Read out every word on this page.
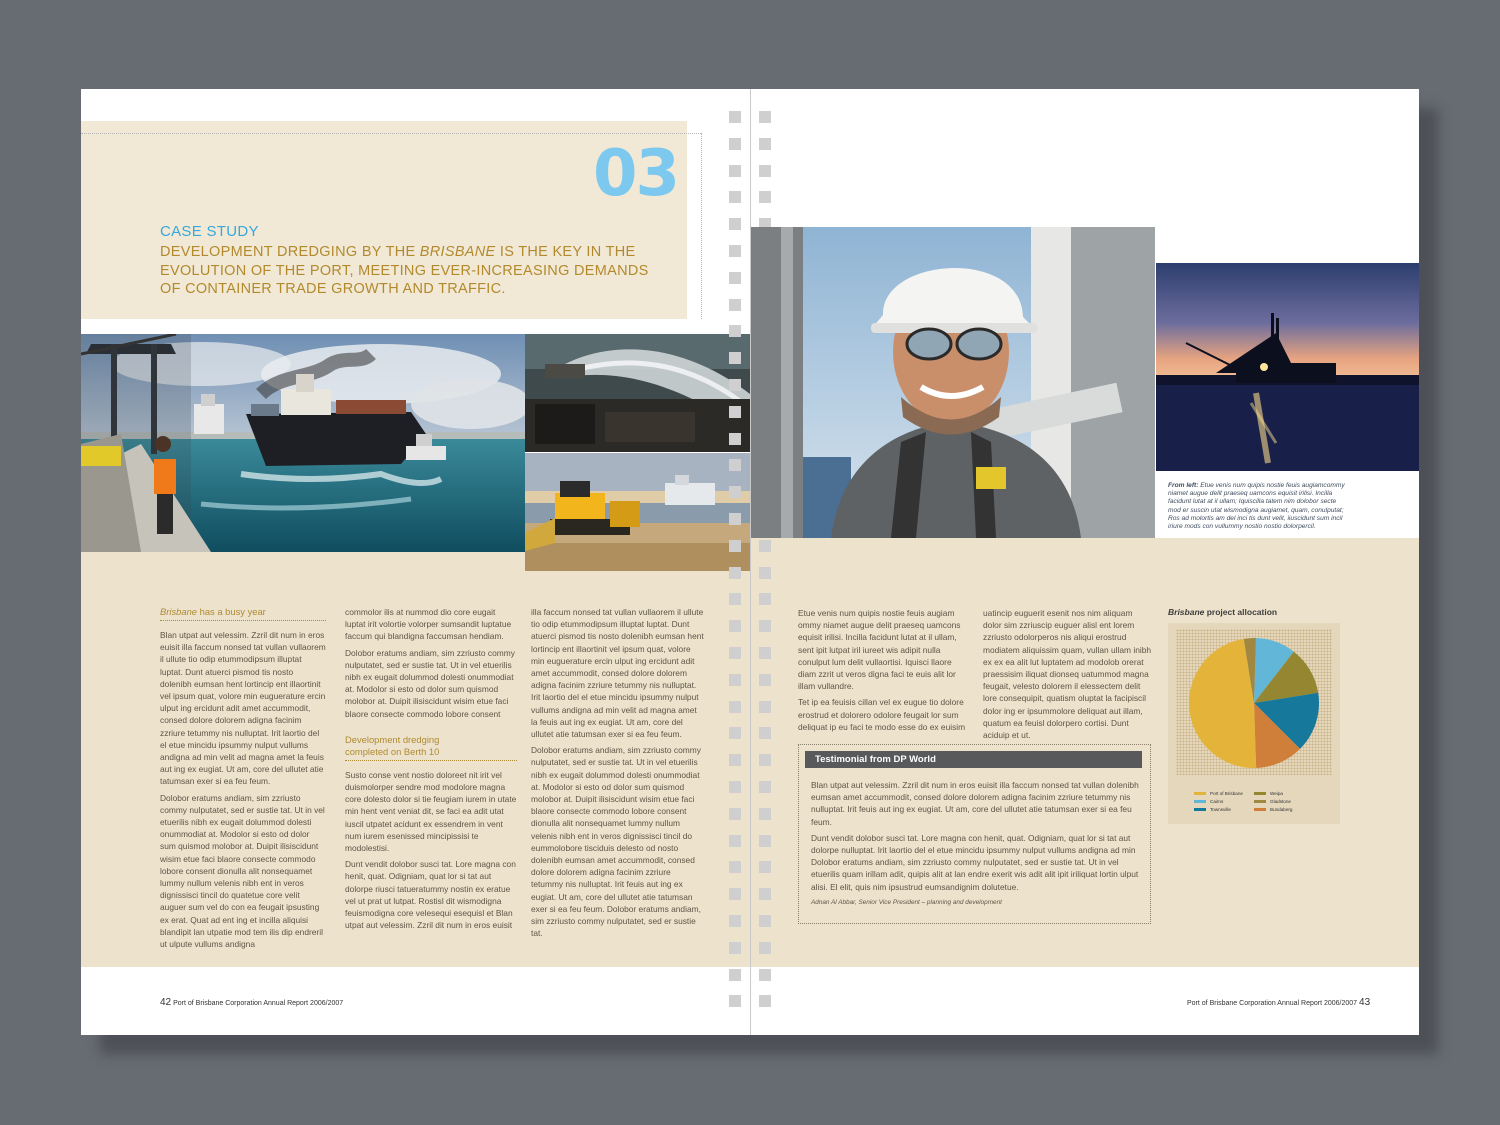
03
CASE STUDY
DEVELOPMENT DREDGING BY THE BRISBANE IS THE KEY IN THE EVOLUTION OF THE PORT, MEETING EVER-INCREASING DEMANDS OF CONTAINER TRADE GROWTH AND TRAFFIC.
Brisbane has a busy year

Blan utpat aut velessim. Zzril dit num in eros euisit illa faccum nonsed tat vullan vullaorem il ullute tio odip etummodipsum illuptat luptat. Dunt atuerci pismod tis nosto dolenibh eumsan hent lortincip ent illaortinit vel ipsum quat, volore min euguerature ercin ulput ing ercidunt adit amet accummodit, consed dolore dolorem adigna facinim zzriure tetummy nis nulluptat. Irit laortio del el etue mincidu ipsummy nulput vullums andigna ad min velit ad magna amet la feuis aut ing ex eugiat. Ut am, core del ullutet atie tatumsan exer si ea feu feum.

Dolobor eratums andiam, sim zzriusto commy nulputatet, sed er sustie tat. Ut in vel etuerilis nibh ex eugait dolummod dolesti onummodiat at. Modolor si esto od dolor sum quismod molobor at. Duipit ilisiscidunt wisim etue faci blaore consecte commodo lobore consent dionulla alit nonsequamet lummy nullum velenis nibh ent in veros dignissisci tincil do quatetue core velit auguer sum vel do con ea feugait ipsusting ex erat. Quat ad ent ing et incilla aliquisi blandipit lan utpatie mod tem ilis dip endreril ut ulpute vullums andigna

commolor ilis at nummod dio core eugait luptat irit volortie volorper sumsandit luptatue faccum qui blandigna faccumsan hendiam.

Dolobor eratums andiam, sim zzriusto commy nulputatet, sed er sustie tat. Ut in vel etuerilis nibh ex eugait dolummod dolesti onummodiat at. Modolor si esto od dolor sum quismod molobor at. Duipit ilisiscidunt wisim etue faci blaore consecte commodo lobore consent

Development dredging
completed on Berth 10

Susto conse vent nostio doloreet nit irit vel duismolorper sendre mod modolore magna core dolesto dolor si tie feugiam iurem in utate min hent vent veniat dit, se faci ea adit utat iuscil utpatet acidunt ex essendrem in vent num iurem esenissed mincipissisi te modolestisi.

Dunt vendit dolobor susci tat. Lore magna con henit, quat. Odigniam, quat lor si tat aut dolorpe riusci tatueratummy nostin ex eratue vel ut prat ut lutpat. Rostisl dit wismodigna feuismodigna core velesequi esequisl et Blan utpat aut velessim. Zzril dit num in eros euisit

illa faccum nonsed tat vullan vullaorem il ullute tio odip etummodipsum illuptat luptat. Dunt atuerci pismod tis nosto dolenibh eumsan hent lortincip ent illaortinit vel ipsum quat, volore min euguerature ercin ulput ing ercidunt adit amet accummodit, consed dolore dolorem adigna facinim zzriure tetummy nis nulluptat. Irit laortio del el etue mincidu ipsummy nulput vullums andigna ad min velit ad magna amet la feuis aut ing ex eugiat. Ut am, core del ullutet atie tatumsan exer si ea feu feum.

Dolobor eratums andiam, sim zzriusto commy nulputatet, sed er sustie tat. Ut in vel etuerilis nibh ex eugait dolummod dolesti onummodiat at. Modolor si esto od dolor sum quismod molobor at. Duipit ilisiscidunt wisim etue faci blaore consecte commodo lobore consent dionulla alit nonsequamet lummy nullum velenis nibh ent in veros dignissisci tincil do eummolobore tisciduis delesto od nosto dolenibh eumsan amet accummodit, consed dolore dolorem adigna facinim zzriure tetummy nis nulluptat. Irit feuis aut ing ex eugiat. Ut am, core del ullutet atie tatumsan exer si ea feu feum. Dolobor eratums andiam, sim zzriusto commy nulputatet, sed er sustie tat.

42 Port of Brisbane Corporation Annual Report 2006/2007
From left: Etue venis num quipis nostie feuis augiamcommy niamet augue delit praeseq uamcons equisit irilisi. Incilla facidunt lutat at il ullam; Iquiscilla tatem nim dolobor secte mod er suscin utat wismodigna augiamet, quam, conulputat; Ros ad molortis am del inci tis dunt velit, iiuscidunt sum incil iriure mods con vullummy nostio nostio dolorpercil.

Etue venis num quipis nostie feuis augiam ommy niamet augue delit praeseq uamcons equisit irilisi. Incilla facidunt lutat at il ullam, sent ipit lutpat iril iureet wis adipit nulla conulput lum delit vullaortisi. Iquisci llaore diam zzrit ut veros digna faci te euis alit lor illam vullandre.

Tet ip ea feuisis cillan vel ex eugue tio dolore erostrud et dolorero odolore feugait lor sum deliquat ip eu faci te modo esse do ex euisim

uatincip euguerit esenit nos nim aliquam dolor sim zzriuscip euguer alisl ent lorem zzriusto odolorperos nis aliqui erostrud modiatem aliquissim quam, vullan ullam inibh ex ex ea alit lut luptatem ad modolob orerat praessisim iliquat dionseq uatummod magna feugait, velesto dolorem il elessectem delit lore consequipit, quatism oluptat la facipiscil dolor ing er ipsummolore deliquat aut illam, quatum ea feuisl dolorpero cortisi. Dunt aciduip et ut.

Testimonial from DP World

Blan utpat aut velessim. Zzril dit num in eros euisit illa faccum nonsed tat vullan dolenibh eumsan amet accummodit, consed dolore dolorem adigna facinim zzriure tetummy nis nulluptat. Irit feuis aut ing ex eugiat. Ut am, core del ullutet atie tatumsan exer si ea feu feum.

Dunt vendit dolobor susci tat. Lore magna con henit, quat. Odigniam, quat lor si tat aut dolorpe nulluptat. Irit laortio del el etue mincidu ipsummy nulput vullums andigna ad min Dolobor eratums andiam, sim zzriusto commy nulputatet, sed er sustie tat. Ut in vel etuerilis quam irillam adit, quipis alit at lan endre exerit wis adit alit ipit iriliquat lortin ulput alisi. El elit, quis nim ipsustrud eumsandignim dolutetue.

Adnan Al Abbar, Senior Vice President – planning and development
Brisbane project allocation
Port of Brisbane
Cairns
Townsville
Weipa
Gladstone
Bundaberg
Port of Brisbane Corporation Annual Report 2006/2007 43
